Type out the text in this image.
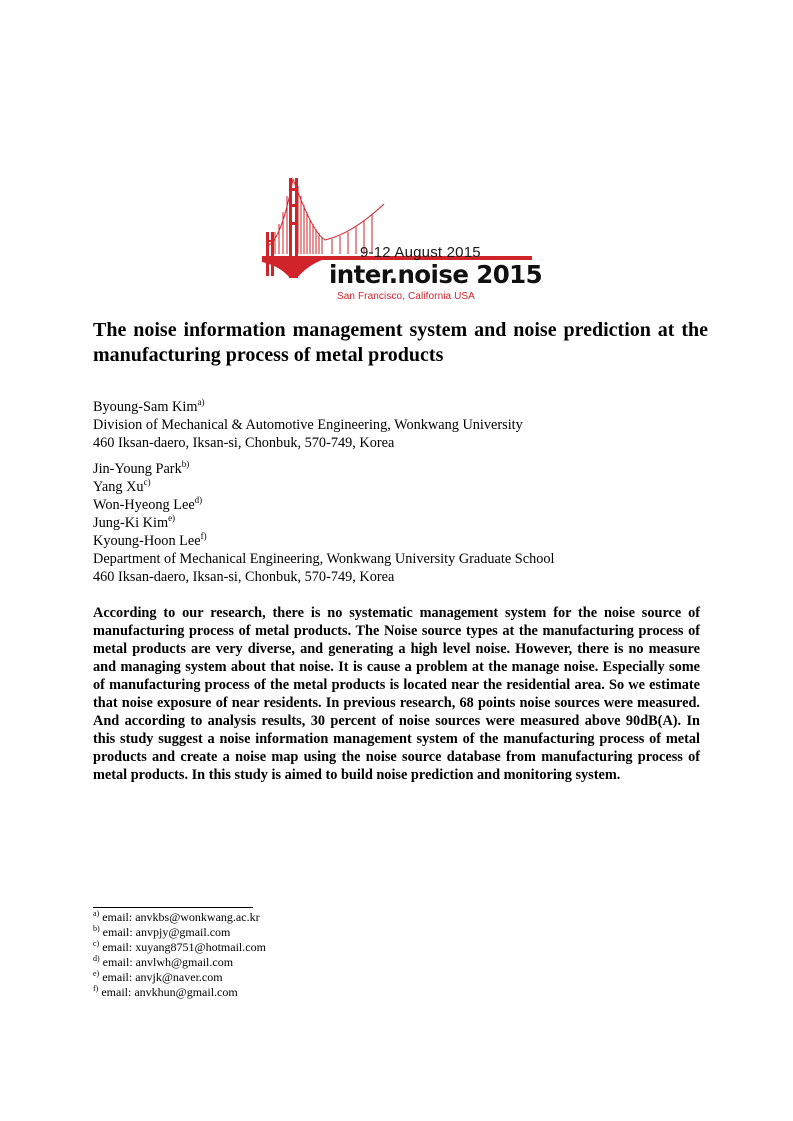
9-12 August 2015
inter.noise 2015
San Francisco, California USA
The noise information management system and noise prediction at the manufacturing process of metal products
Byoung-Sam Kim$^{a)}$
Division of Mechanical & Automotive Engineering, Wonkwang University
460 Iksan-daero, Iksan-si, Chonbuk, 570-749, Korea
Jin-Young Park$^{b)}$
Yang Xu$^{c)}$
Won-Hyeong Lee$^{d)}$
Jung-Ki Kim$^{e)}$
Kyoung-Hoon Lee$^{f)}$
Department of Mechanical Engineering, Wonkwang University Graduate School
460 Iksan-daero, Iksan-si, Chonbuk, 570-749, Korea

According to our research, there is no systematic management system for the noise source of manufacturing process of metal products. The Noise source types at the manufacturing process of metal products are very diverse, and generating a high level noise. However, there is no measure and managing system about that noise. It is cause a problem at the manage noise. Especially some of manufacturing process of the metal products is located near the residential area. So we estimate that noise exposure of near residents. In previous research, 68 points noise sources were measured. And according to analysis results, 30 percent of noise sources were measured above 90dB(A). In this study suggest a noise information management system of the manufacturing process of metal products and create a noise map using the noise source database from manufacturing process of metal products. In this study is aimed to build noise prediction and monitoring system.

$^{a)}$ email: anvkbs@wonkwang.ac.kr
$^{b)}$ email: anvpjy@gmail.com
$^{c)}$ email: xuyang8751@hotmail.com
$^{d)}$ email: anvlwh@gmail.com
$^{e)}$ email: anvjk@naver.com
$^{f)}$ email: anvkhun@gmail.com
